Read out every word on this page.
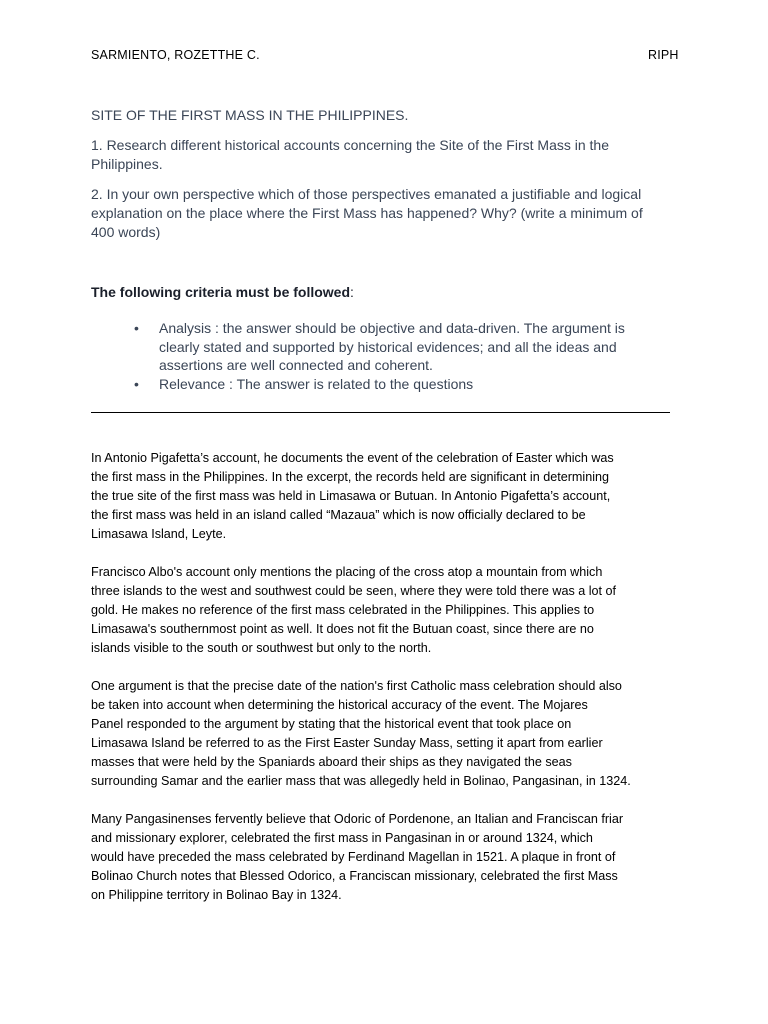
SARMIENTO, ROZETTHE C.	RIPH
SITE OF THE FIRST MASS IN THE PHILIPPINES.
1. Research different historical accounts concerning the Site of the First Mass in the Philippines.
2. In your own perspective which of those perspectives emanated a justifiable and logical explanation on the place where the First Mass has happened? Why? (write a minimum of 400 words)
The following criteria must be followed:
• Analysis : the answer should be objective and data-driven. The argument is clearly stated and supported by historical evidences; and all the ideas and assertions are well connected and coherent.
• Relevance : The answer is related to the questions
In Antonio Pigafetta’s account, he documents the event of the celebration of Easter which was
the first mass in the Philippines. In the excerpt, the records held are significant in determining
the true site of the first mass was held in Limasawa or Butuan. In Antonio Pigafetta’s account,
the first mass was held in an island called “Mazaua” which is now officially declared to be
Limasawa Island, Leyte.
Francisco Albo's account only mentions the placing of the cross atop a mountain from which
three islands to the west and southwest could be seen, where they were told there was a lot of
gold. He makes no reference of the first mass celebrated in the Philippines. This applies to
Limasawa's southernmost point as well. It does not fit the Butuan coast, since there are no
islands visible to the south or southwest but only to the north.
One argument is that the precise date of the nation's first Catholic mass celebration should also
be taken into account when determining the historical accuracy of the event. The Mojares
Panel responded to the argument by stating that the historical event that took place on
Limasawa Island be referred to as the First Easter Sunday Mass, setting it apart from earlier
masses that were held by the Spaniards aboard their ships as they navigated the seas
surrounding Samar and the earlier mass that was allegedly held in Bolinao, Pangasinan, in 1324.
Many Pangasinenses fervently believe that Odoric of Pordenone, an Italian and Franciscan friar
and missionary explorer, celebrated the first mass in Pangasinan in or around 1324, which
would have preceded the mass celebrated by Ferdinand Magellan in 1521. A plaque in front of
Bolinao Church notes that Blessed Odorico, a Franciscan missionary, celebrated the first Mass
on Philippine territory in Bolinao Bay in 1324.
